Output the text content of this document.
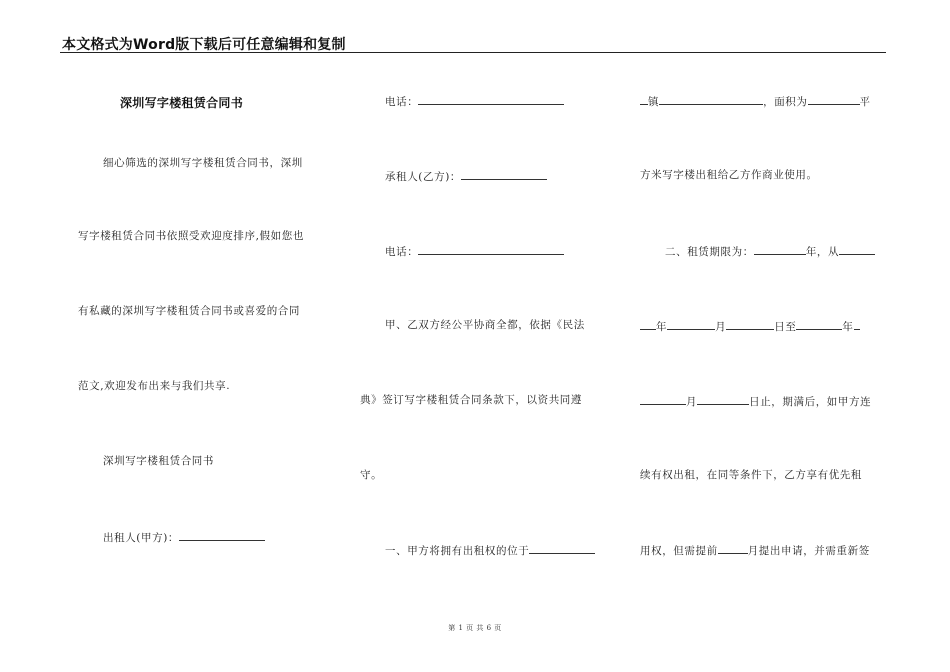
本文格式为Word版下载后可任意编辑和复制
深圳写字楼租赁合同书
细心筛选的深圳写字楼租赁合同书，深圳
写字楼租赁合同书依照受欢迎度排序,假如您也
有私藏的深圳写字楼租赁合同书或喜爱的合同
范文,欢迎发布出来与我们共享.
深圳写字楼租赁合同书
出租人(甲方)：
电话：
承租人(乙方)：
电话：
甲、乙双方经公平协商全都，依据《民法
典》签订写字楼租赁合同条款下，以资共同遵
守。
一、甲方将拥有出租权的位于
镇	，面积为	平
方米写字楼出租给乙方作商业使用。
二、租赁期限为：	年，从
年	月	日至	年
月	日止，期满后，如甲方连
续有权出租，在同等条件下，乙方享有优先租
用权，但需提前	月提出申请，并需重新签
第 1 页 共 6 页
